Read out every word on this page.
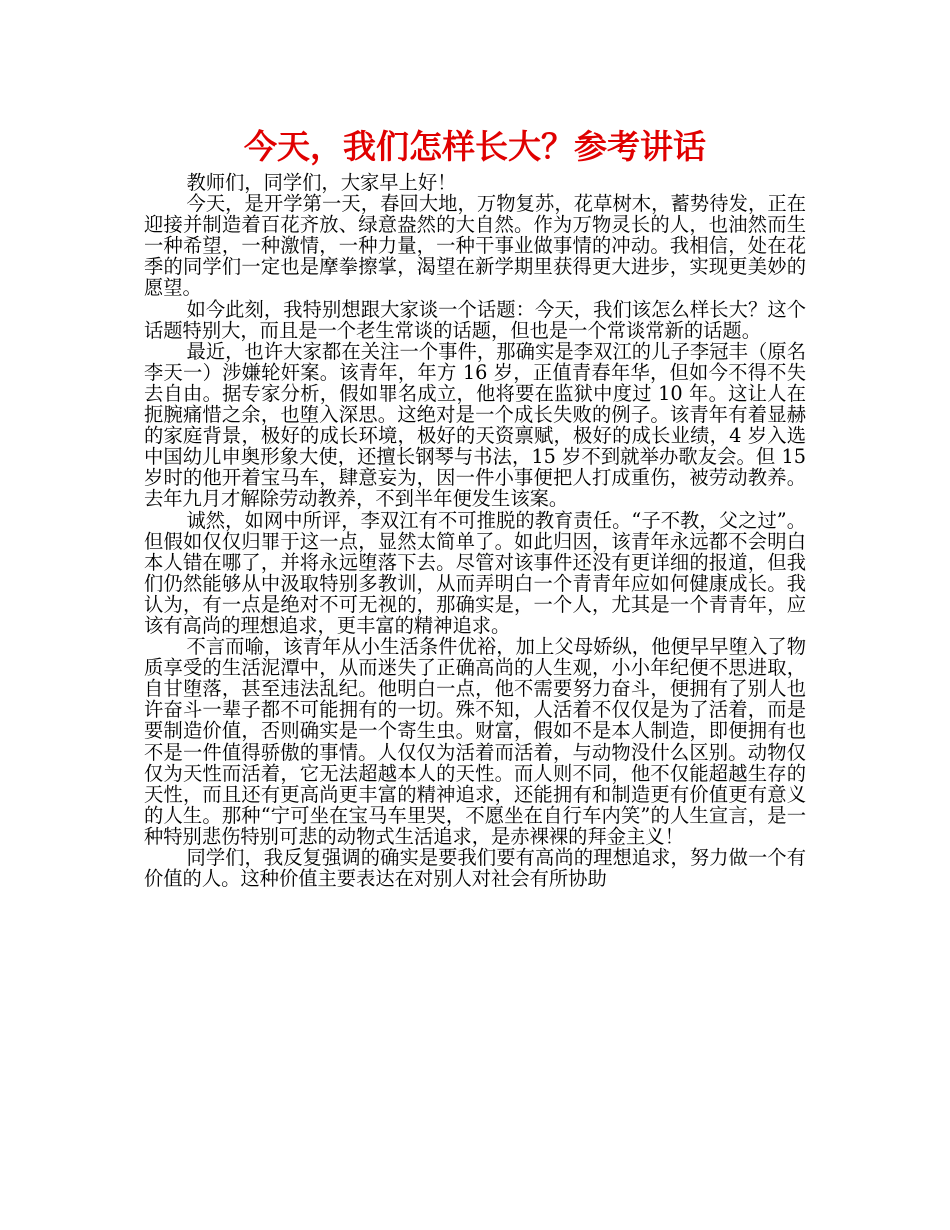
今天，我们怎样长大？参考讲话

教师们，同学们，大家早上好！

今天，是开学第一天，春回大地，万物复苏，花草树木，蓄势待发，正在迎接并制造着百花齐放、绿意盎然的大自然。作为万物灵长的人，也油然而生一种希望，一种激情，一种力量，一种干事业做事情的冲动。我相信，处在花季的同学们一定也是摩拳擦掌，渴望在新学期里获得更大进步，实现更美妙的愿望。

如今此刻，我特别想跟大家谈一个话题：今天，我们该怎么样长大？这个话题特别大，而且是一个老生常谈的话题，但也是一个常谈常新的话题。

最近，也许大家都在关注一个事件，那确实是李双江的儿子李冠丰（原名李天一）涉嫌轮奸案。该青年，年方 16 岁，正值青春年华，但如今不得不失去自由。据专家分析，假如罪名成立，他将要在监狱中度过 10 年。这让人在扼腕痛惜之余，也堕入深思。这绝对是一个成长失败的例子。该青年有着显赫的家庭背景，极好的成长环境，极好的天资禀赋，极好的成长业绩，4 岁入选中国幼儿申奥形象大使，还擅长钢琴与书法，15 岁不到就举办歌友会。但 15 岁时的他开着宝马车，肆意妄为，因一件小事便把人打成重伤，被劳动教养。去年九月才解除劳动教养，不到半年便发生该案。

诚然，如网中所评，李双江有不可推脱的教育责任。“子不教，父之过”。但假如仅仅归罪于这一点，显然太简单了。如此归因，该青年永远都不会明白本人错在哪了，并将永远堕落下去。尽管对该事件还没有更详细的报道，但我们仍然能够从中汲取特别多教训，从而弄明白一个青青年应如何健康成长。我认为，有一点是绝对不可无视的，那确实是，一个人，尤其是一个青青年，应该有高尚的理想追求，更丰富的精神追求。

不言而喻，该青年从小生活条件优裕，加上父母娇纵，他便早早堕入了物质享受的生活泥潭中，从而迷失了正确高尚的人生观，小小年纪便不思进取，自甘堕落，甚至违法乱纪。他明白一点，他不需要努力奋斗，便拥有了别人也许奋斗一辈子都不可能拥有的一切。殊不知，人活着不仅仅是为了活着，而是要制造价值，否则确实是一个寄生虫。财富，假如不是本人制造，即便拥有也不是一件值得骄傲的事情。人仅仅为活着而活着，与动物没什么区别。动物仅仅为天性而活着，它无法超越本人的天性。而人则不同，他不仅能超越生存的天性，而且还有更高尚更丰富的精神追求，还能拥有和制造更有价值更有意义的人生。那种“宁可坐在宝马车里哭，不愿坐在自行车内笑”的人生宣言，是一种特别悲伤特别可悲的动物式生活追求，是赤裸裸的拜金主义！

同学们，我反复强调的确实是要我们要有高尚的理想追求，努力做一个有价值的人。这种价值主要表达在对别人对社会有所协助
